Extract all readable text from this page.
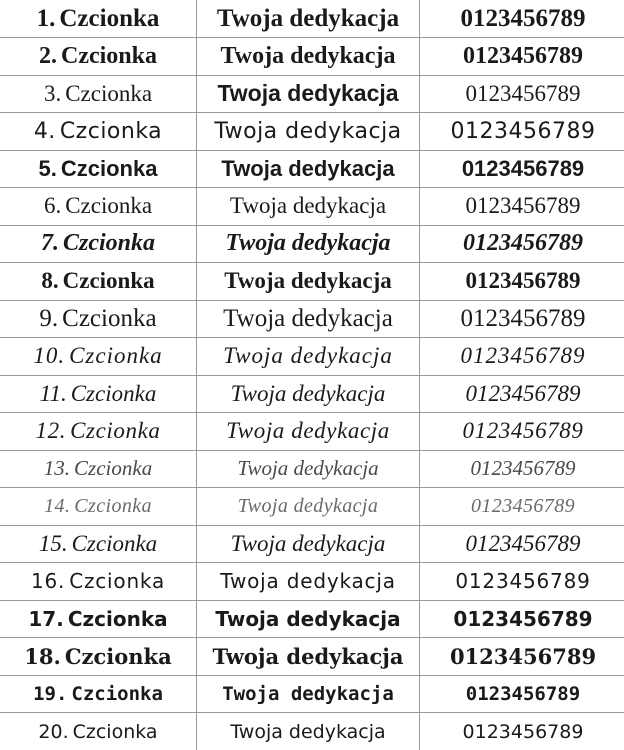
1. Czcionka	Twoja dedykacja	0123456789
2. Czcionka	Twoja dedykacja	0123456789
3. Czcionka	Twoja dedykacja	0123456789
4. Czcionka	Twoja dedykacja	0123456789
5. Czcionka	Twoja dedykacja	0123456789
6. Czcionka	Twoja dedykacja	0123456789
7. Czcionka	Twoja dedykacja	0123456789
8. Czcionka	Twoja dedykacja	0123456789
9. Czcionka	Twoja dedykacja	0123456789
10. Czcionka	Twoja dedykacja	0123456789
11. Czcionka	Twoja dedykacja	0123456789
12. Czcionka	Twoja dedykacja	0123456789
13. Czcionka	Twoja dedykacja	0123456789
14. Czcionka	Twoja dedykacja	0123456789
15. Czcionka	Twoja dedykacja	0123456789
16. Czcionka	Twoja dedykacja	0123456789
17. Czcionka	Twoja dedykacja	0123456789
18. Czcionka	Twoja dedykacja	0123456789
19. Czcionka	Twoja dedykacja	0123456789
20. Czcionka	Twoja dedykacja	0123456789
